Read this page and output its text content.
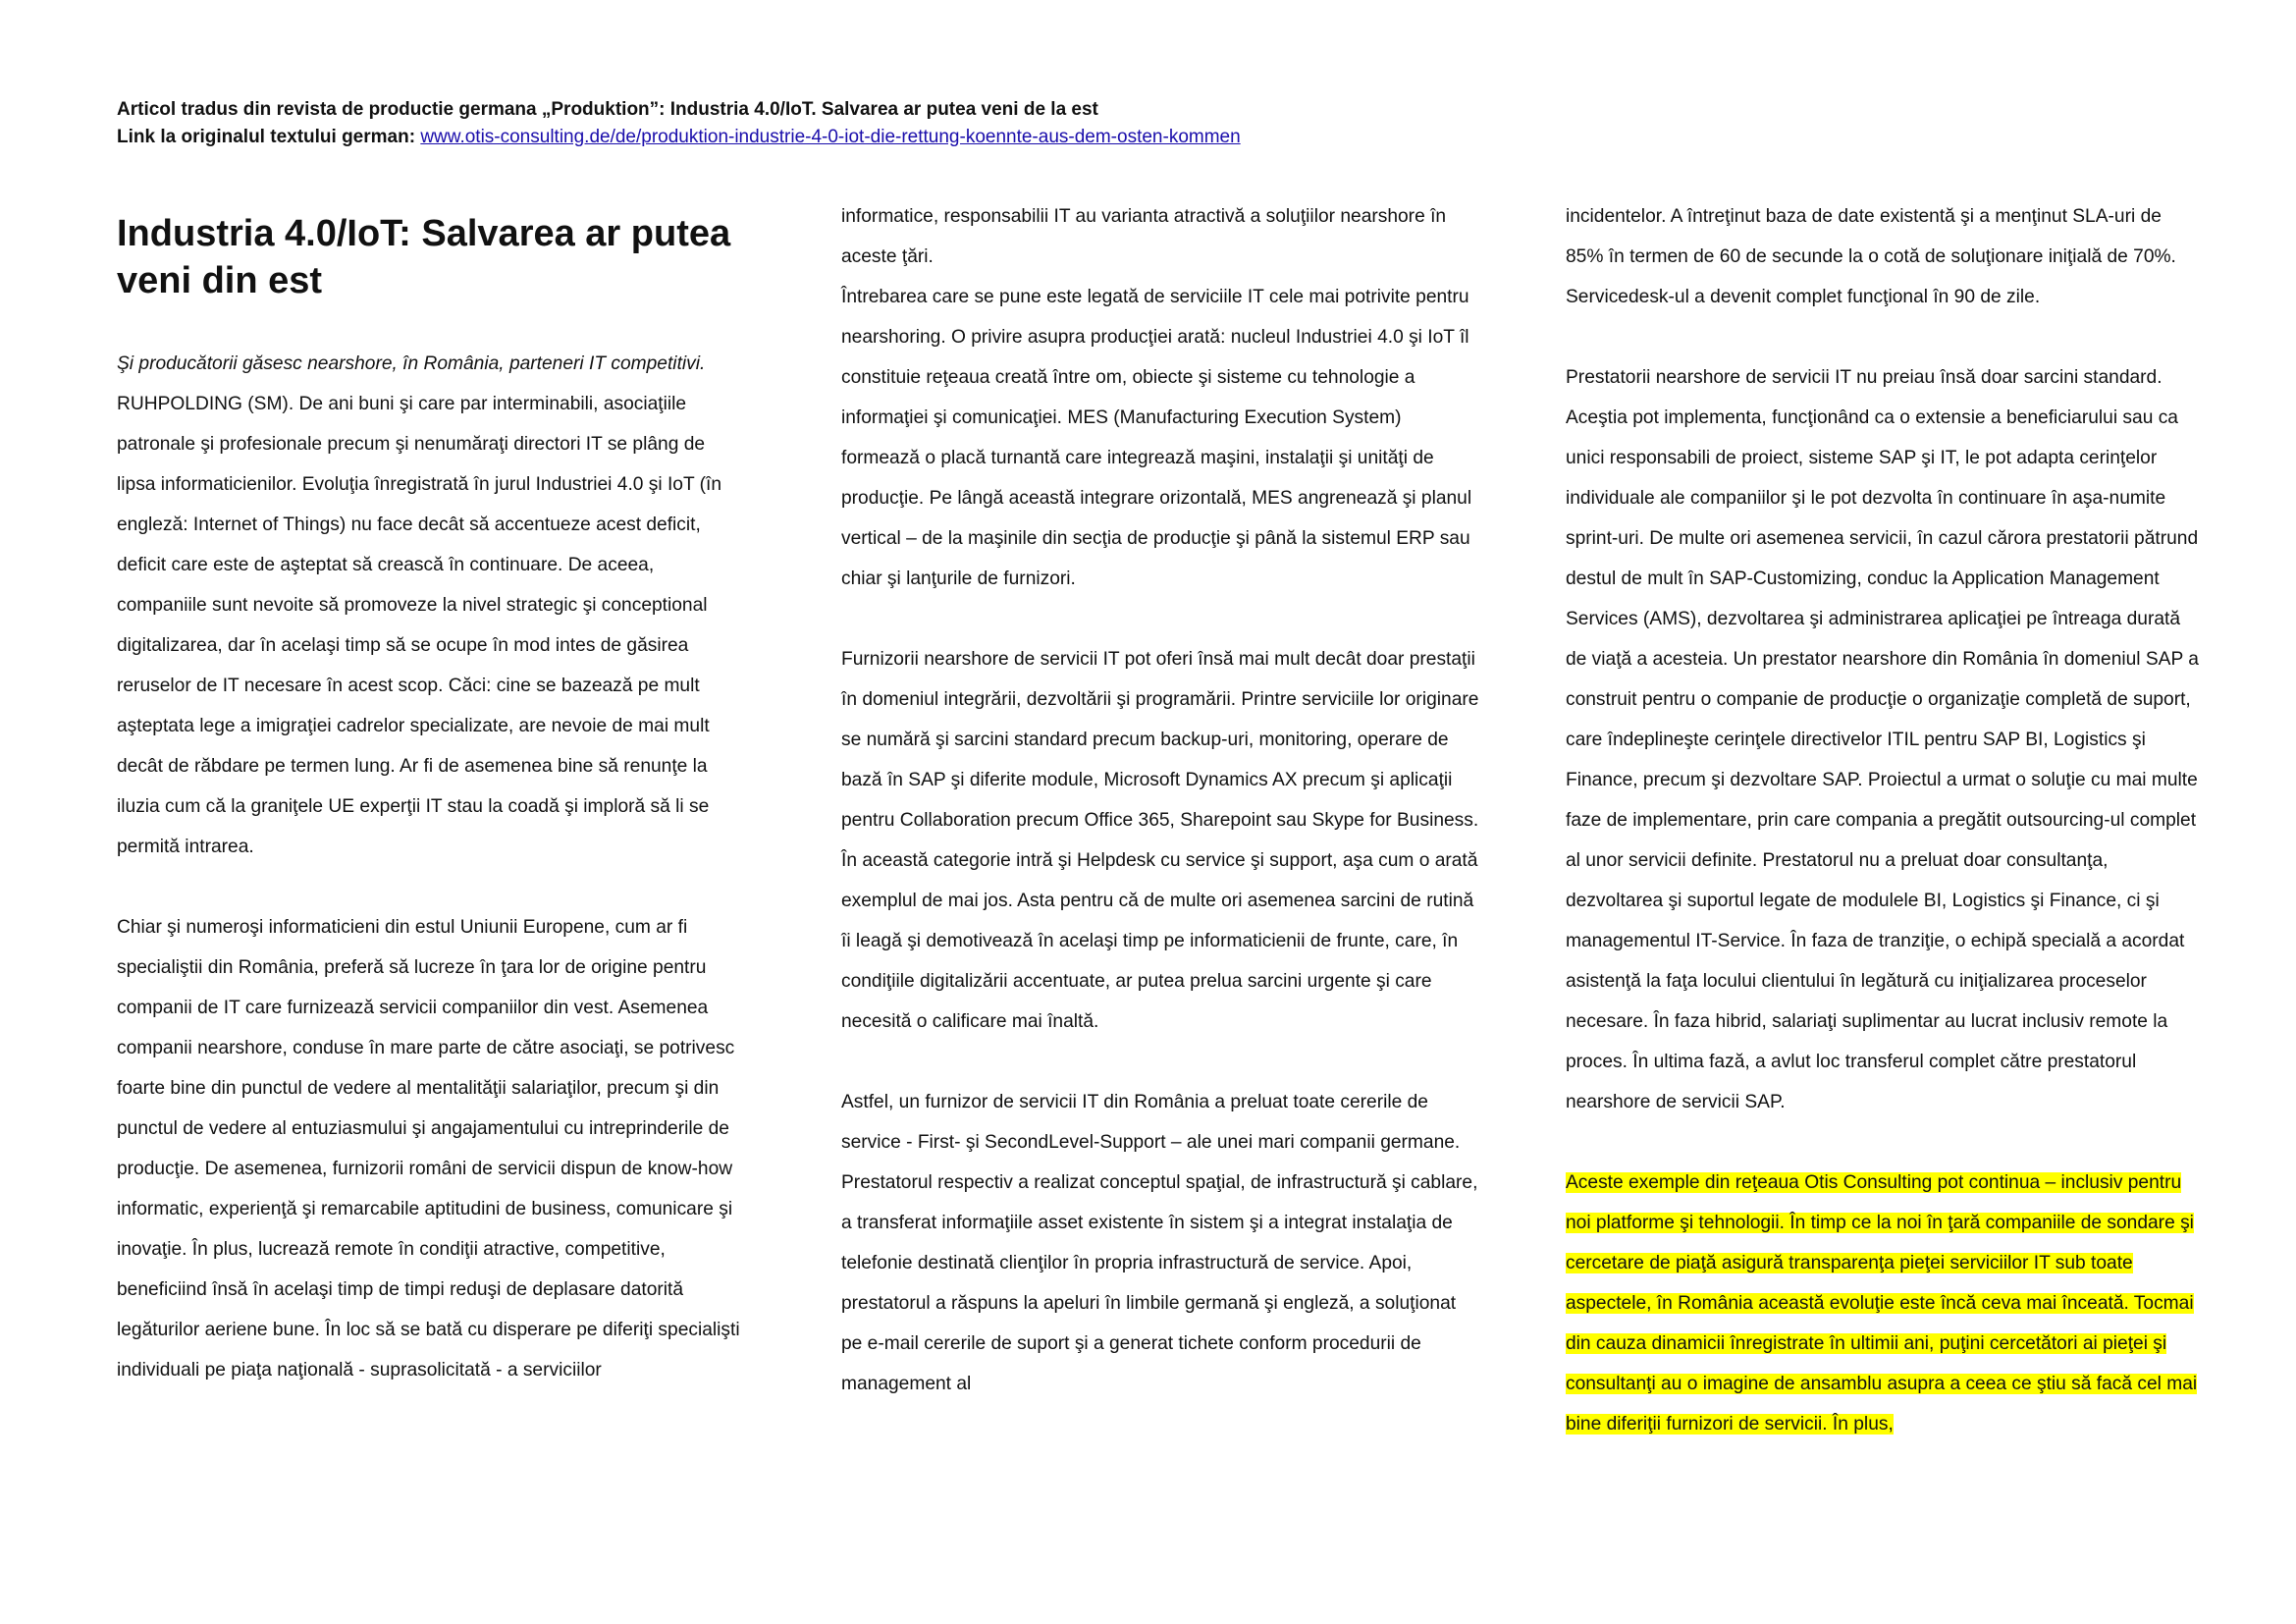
Articol tradus din revista de productie germana „Produktion”: Industria 4.0/IoT. Salvarea ar putea veni de la est
Link la originalul textului german: www.otis-consulting.de/de/produktion-industrie-4-0-iot-die-rettung-koennte-aus-dem-osten-kommen
Industria 4.0/IoT: Salvarea ar putea veni din est

Şi producătorii găsesc nearshore, în România, parteneri IT competitivi.

RUHPOLDING (SM). De ani buni şi care par interminabili, asociaţiile patronale şi profesionale precum şi nenumăraţi directori IT se plâng de lipsa informaticienilor. Evoluţia înregistrată în jurul Industriei 4.0 şi IoT (în engleză: Internet of Things) nu face decât să accentueze acest deficit, deficit care este de aşteptat să crească în continuare. De aceea, companiile sunt nevoite să promoveze la nivel strategic şi conceptional digitalizarea, dar în acelaşi timp să se ocupe în mod intes de găsirea reruselor de IT necesare în acest scop. Căci: cine se bazează pe mult aşteptata lege a imigraţiei cadrelor specializate, are nevoie de mai mult decât de răbdare pe termen lung. Ar fi de asemenea bine să renunţe la iluzia cum că la graniţele UE experţii IT stau la coadă şi imploră să li se permită intrarea.

Chiar şi numeroşi informaticieni din estul Uniunii Europene, cum ar fi specialiştii din România, preferă să lucreze în ţara lor de origine pentru companii de IT care furnizează servicii companiilor din vest. Asemenea companii nearshore, conduse în mare parte de către asociaţi, se potrivesc foarte bine din punctul de vedere al mentalităţii salariaţilor, precum şi din punctul de vedere al entuziasmului şi angajamentului cu intreprinderile de producţie. De asemenea, furnizorii români de servicii dispun de know-how informatic, experienţă şi remarcabile aptitudini de business, comunicare şi inovaţie. În plus, lucrează remote în condiţii atractive, competitive, beneficiind însă în acelaşi timp de timpi reduşi de deplasare datorită legăturilor aeriene bune. În loc să se bată cu disperare pe diferiţi specialişti individuali pe piaţa naţională - suprasolicitată - a serviciilor

informatice, responsabilii IT au varianta atractivă a soluţiilor nearshore în aceste ţări.

Întrebarea care se pune este legată de serviciile IT cele mai potrivite pentru nearshoring. O privire asupra producţiei arată: nucleul Industriei 4.0 şi IoT îl constituie reţeaua creată între om, obiecte şi sisteme cu tehnologie a informaţiei şi comunicaţiei. MES (Manufacturing Execution System) formează o placă turnantă care integrează maşini, instalaţii şi unităţi de producţie. Pe lângă această integrare orizontală, MES angrenează şi planul vertical – de la maşinile din secţia de producţie şi până la sistemul ERP sau chiar şi lanţurile de furnizori.

Furnizorii nearshore de servicii IT pot oferi însă mai mult decât doar prestaţii în domeniul integrării, dezvoltării şi programării. Printre serviciile lor originare se numără şi sarcini standard precum backup-uri, monitoring, operare de bază în SAP şi diferite module, Microsoft Dynamics AX precum şi aplicaţii pentru Collaboration precum Office 365, Sharepoint sau Skype for Business. În această categorie intră şi Helpdesk cu service şi support, aşa cum o arată exemplul de mai jos. Asta pentru că de multe ori asemenea sarcini de rutină îi leagă şi demotivează în acelaşi timp pe informaticienii de frunte, care, în condiţiile digitalizării accentuate, ar putea prelua sarcini urgente şi care necesită o calificare mai înaltă.

Astfel, un furnizor de servicii IT din România a preluat toate cererile de service - First- şi SecondLevel-Support – ale unei mari companii germane. Prestatorul respectiv a realizat conceptul spaţial, de infrastructură şi cablare, a transferat informaţiile asset existente în sistem şi a integrat instalaţia de telefonie destinată clienţilor în propria infrastructură de service. Apoi, prestatorul a răspuns la apeluri în limbile germană şi engleză, a soluţionat pe e-mail cererile de suport şi a generat tichete conform procedurii de management al

incidentelor. A întreţinut baza de date existentă şi a menţinut SLA-uri de 85% în termen de 60 de secunde la o cotă de soluţionare iniţială de 70%. Servicedesk-ul a devenit complet funcţional în 90 de zile.

Prestatorii nearshore de servicii IT nu preiau însă doar sarcini standard. Aceştia pot implementa, funcţionând ca o extensie a beneficiarului sau ca unici responsabili de proiect, sisteme SAP şi IT, le pot adapta cerinţelor individuale ale companiilor şi le pot dezvolta în continuare în aşa-numite sprint-uri. De multe ori asemenea servicii, în cazul cărora prestatorii pătrund destul de mult în SAP-Customizing, conduc la Application Management Services (AMS), dezvoltarea şi administrarea aplicaţiei pe întreaga durată de viaţă a acesteia. Un prestator nearshore din România în domeniul SAP a construit pentru o companie de producţie o organizaţie completă de suport, care îndeplineşte cerinţele directivelor ITIL pentru SAP BI, Logistics şi Finance, precum şi dezvoltare SAP. Proiectul a urmat o soluţie cu mai multe faze de implementare, prin care compania a pregătit outsourcing-ul complet al unor servicii definite. Prestatorul nu a preluat doar consultanţa, dezvoltarea şi suportul legate de modulele BI, Logistics şi Finance, ci şi managementul IT-Service. În faza de tranziţie, o echipă specială a acordat asistenţă la faţa locului clientului în legătură cu iniţializarea proceselor necesare. În faza hibrid, salariaţi suplimentar au lucrat inclusiv remote la proces. În ultima fază, a avlut loc transferul complet către prestatorul nearshore de servicii SAP.

Aceste exemple din reţeaua Otis Consulting pot continua – inclusiv pentru noi platforme şi tehnologii. În timp ce la noi în ţară companiile de sondare şi cercetare de piaţă asigură transparenţa pieţei serviciilor IT sub toate aspectele, în România această evoluţie este încă ceva mai înceată. Tocmai din cauza dinamicii înregistrate în ultimii ani, puţini cercetători ai pieţei şi consultanţi au o imagine de ansamblu asupra a ceea ce ştiu să facă cel mai bine diferiţii furnizori de servicii. În plus,
